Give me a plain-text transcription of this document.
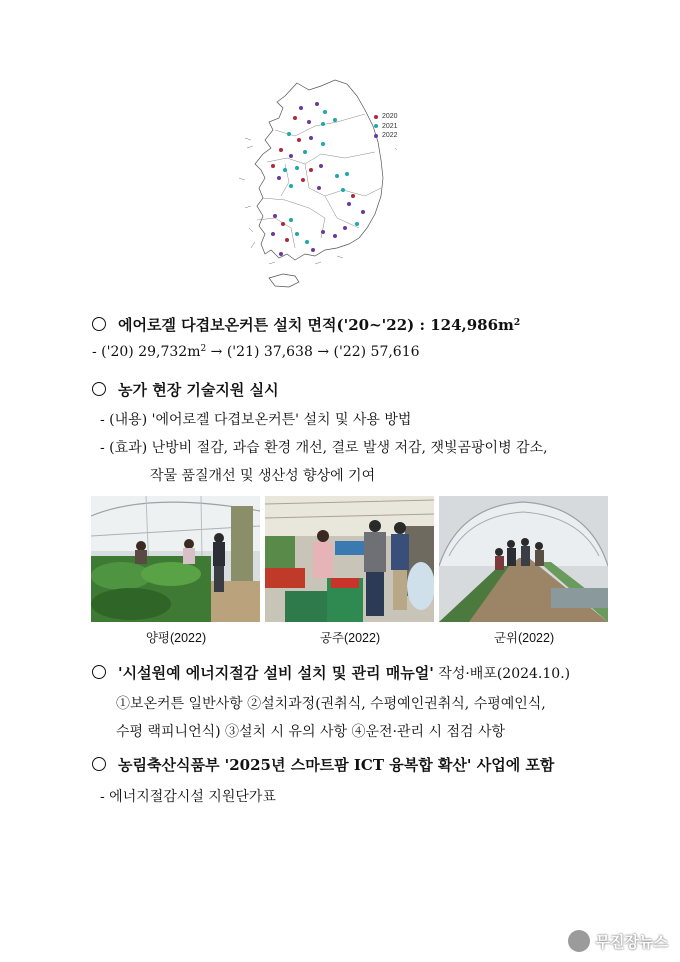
2020
2021
2022
에어로겔 다겹보온커튼 설치 면적('20~'22) : $124,986m^2$
- ('20) $29,732m^2 \to ('21) 37,638 \to ('22)$ 57,616
농가 현장 기술지원 실시
- (내용) '에어로겔 다겹보온커튼' 설치 및 사용 방법
- (효과) 난방비 절감, 과습 환경 개선, 결로 발생 저감, 잿빛곰팡이병 감소,
작물 품질개선 및 생산성 향상에 기여
양평(2022)	공주(2022)	군위(2022)
'시설원예 에너지절감 설비 설치 및 관리 매뉴얼' 작성·배포(2024.10.)
①보온커튼 일반사항 ②설치과정(권취식, 수평예인권취식, 수평예인식,
수평 랙피니언식) ③설치 시 유의 사항 ④운전·관리 시 점검 사항
농림축산식품부 '2025년 스마트팜 ICT 융복합 확산' 사업에 포함
- 에너지절감시설 지원단가표
무진장뉴스
